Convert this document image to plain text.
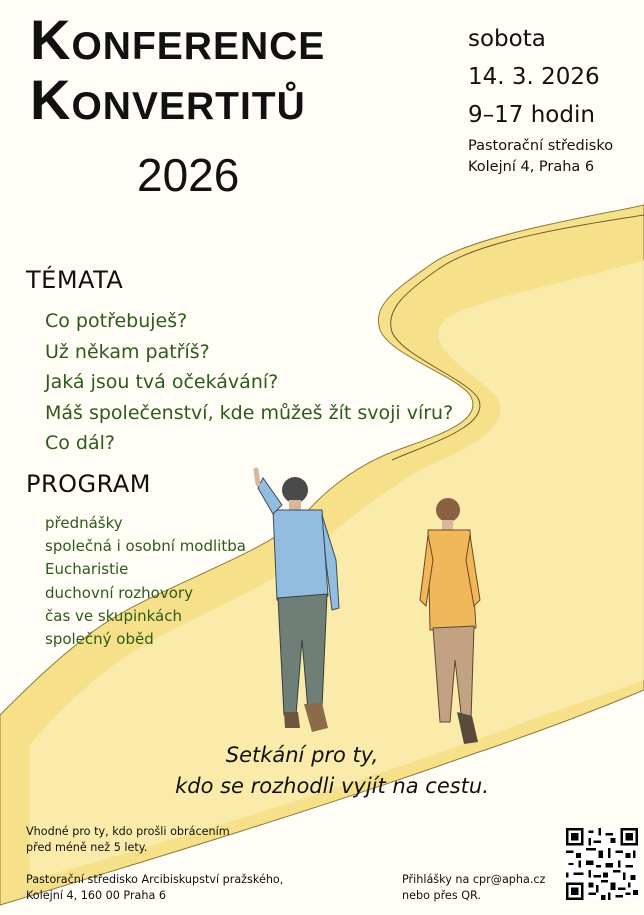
Konference
Konvertitů
2026
sobota
14. 3. 2026
9–17 hodin
Pastorační středisko
Kolejní 4, Praha 6
TÉMATA
Co potřebuješ?
Už někam patříš?
Jaká jsou tvá očekávání?
Máš společenství, kde můžeš žít svoji víru?
Co dál?
PROGRAM
přednášky
společná i osobní modlitba
Eucharistie
duchovní rozhovory
čas ve skupinkách
společný oběd
Setkání pro ty,
kdo se rozhodli vyjít na cestu.
Vhodné pro ty, kdo prošli obrácením
před méně než 5 lety.
Pastorační středisko Arcibiskupství pražského,
Kolejní 4, 160 00 Praha 6
Přihlášky na cpr@apha.cz
nebo přes QR.
